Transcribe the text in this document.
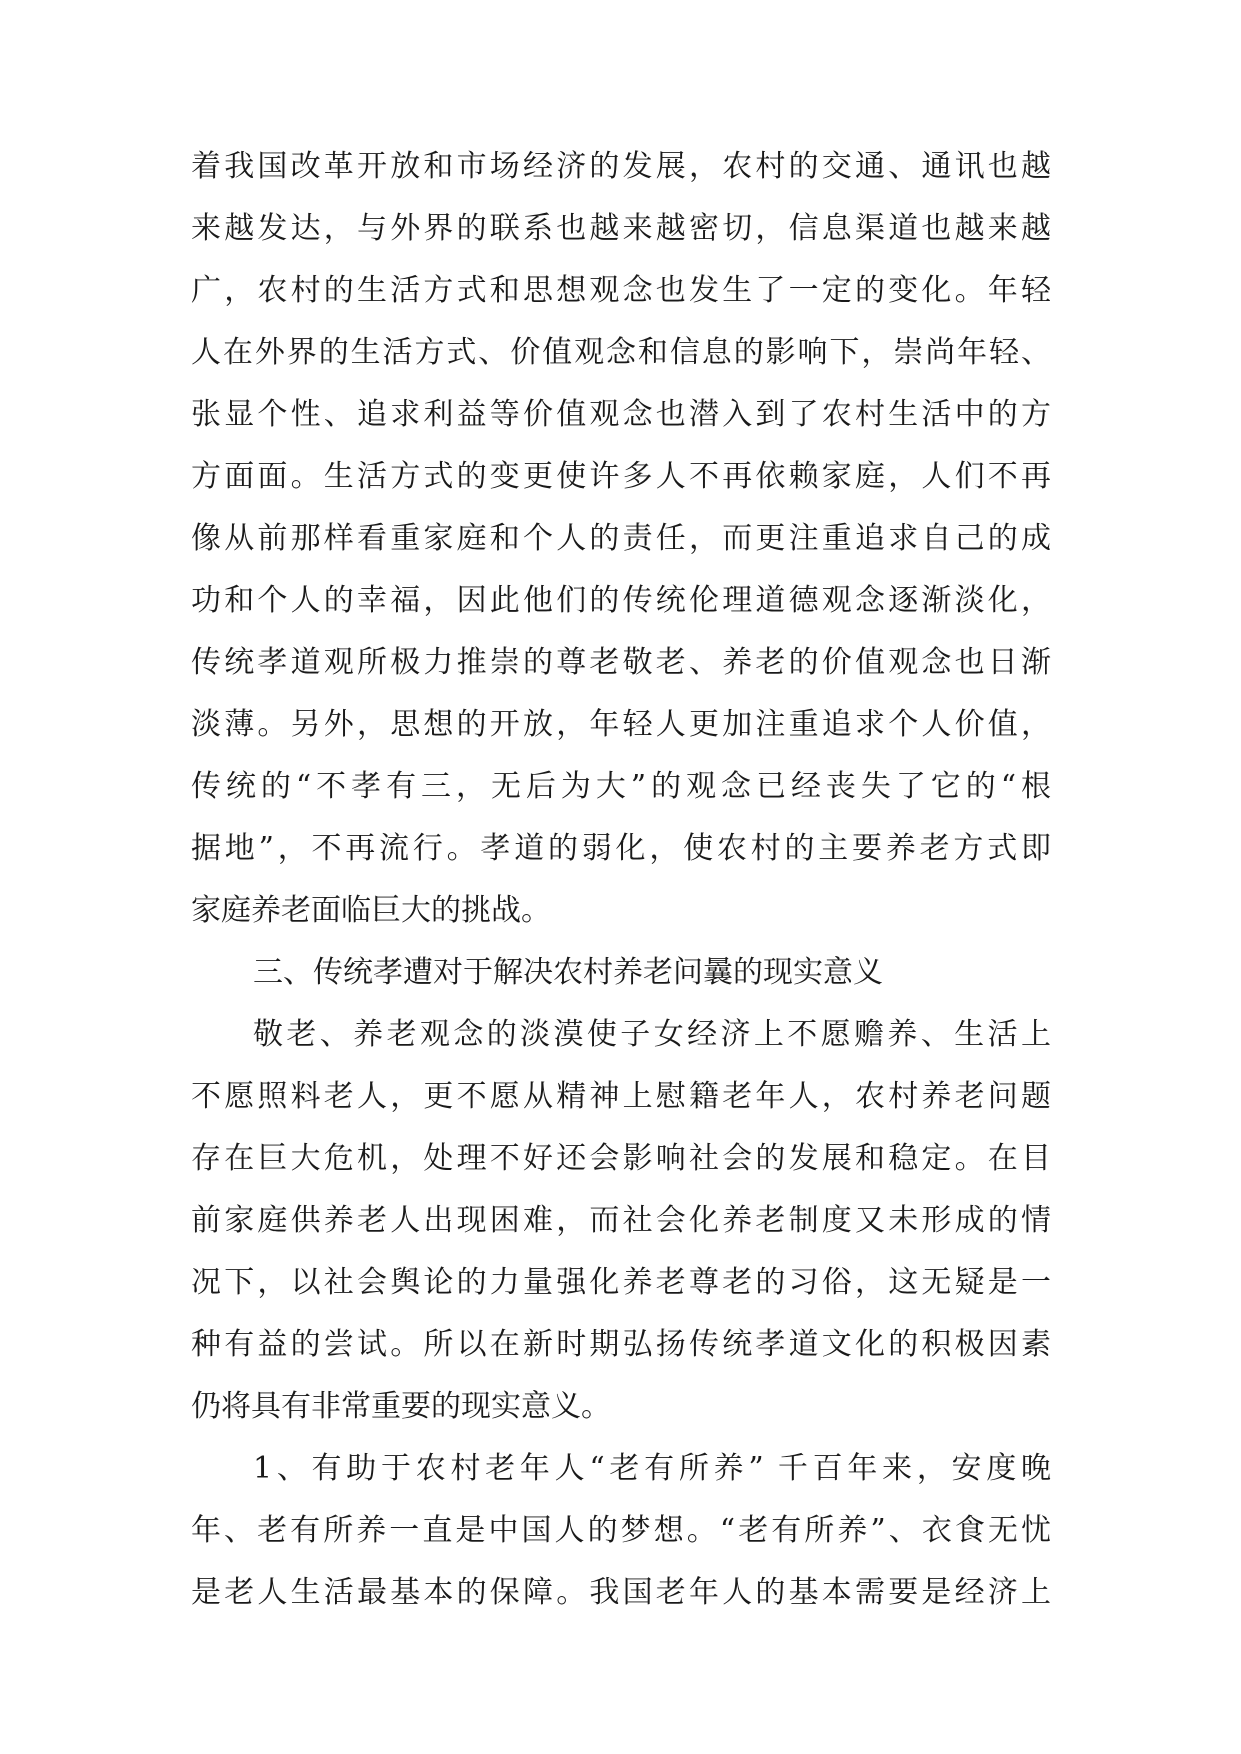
着我国改革开放和市场经济的发展，农村的交通、通讯也越
来越发达，与外界的联系也越来越密切，信息渠道也越来越
广，农村的生活方式和思想观念也发生了一定的变化。年轻
人在外界的生活方式、价值观念和信息的影响下，崇尚年轻、
张显个性、追求利益等价值观念也潜入到了农村生活中的方
方面面。生活方式的变更使许多人不再依赖家庭，人们不再
像从前那样看重家庭和个人的责任，而更注重追求自己的成
功和个人的幸福，因此他们的传统伦理道德观念逐渐淡化，
传统孝道观所极力推崇的尊老敬老、养老的价值观念也日渐
淡薄。另外，思想的开放，年轻人更加注重追求个人价值，
传统的“不孝有三，无后为大”的观念已经丧失了它的“根
据地”，不再流行。孝道的弱化，使农村的主要养老方式即
家庭养老面临巨大的挑战。
三、传统孝遭对于解决农村养老问曩的现实意义
敬老、养老观念的淡漠使子女经济上不愿赡养、生活上
不愿照料老人，更不愿从精神上慰籍老年人，农村养老问题
存在巨大危机，处理不好还会影响社会的发展和稳定。在目
前家庭供养老人出现困难，而社会化养老制度又未形成的情
况下，以社会舆论的力量强化养老尊老的习俗，这无疑是一
种有益的尝试。所以在新时期弘扬传统孝道文化的积极因素
仍将具有非常重要的现实意义。
1、有助于农村老年人“老有所养” 千百年来，安度晚
年、老有所养一直是中国人的梦想。“老有所养”、衣食无忧
是老人生活最基本的保障。我国老年人的基本需要是经济上
